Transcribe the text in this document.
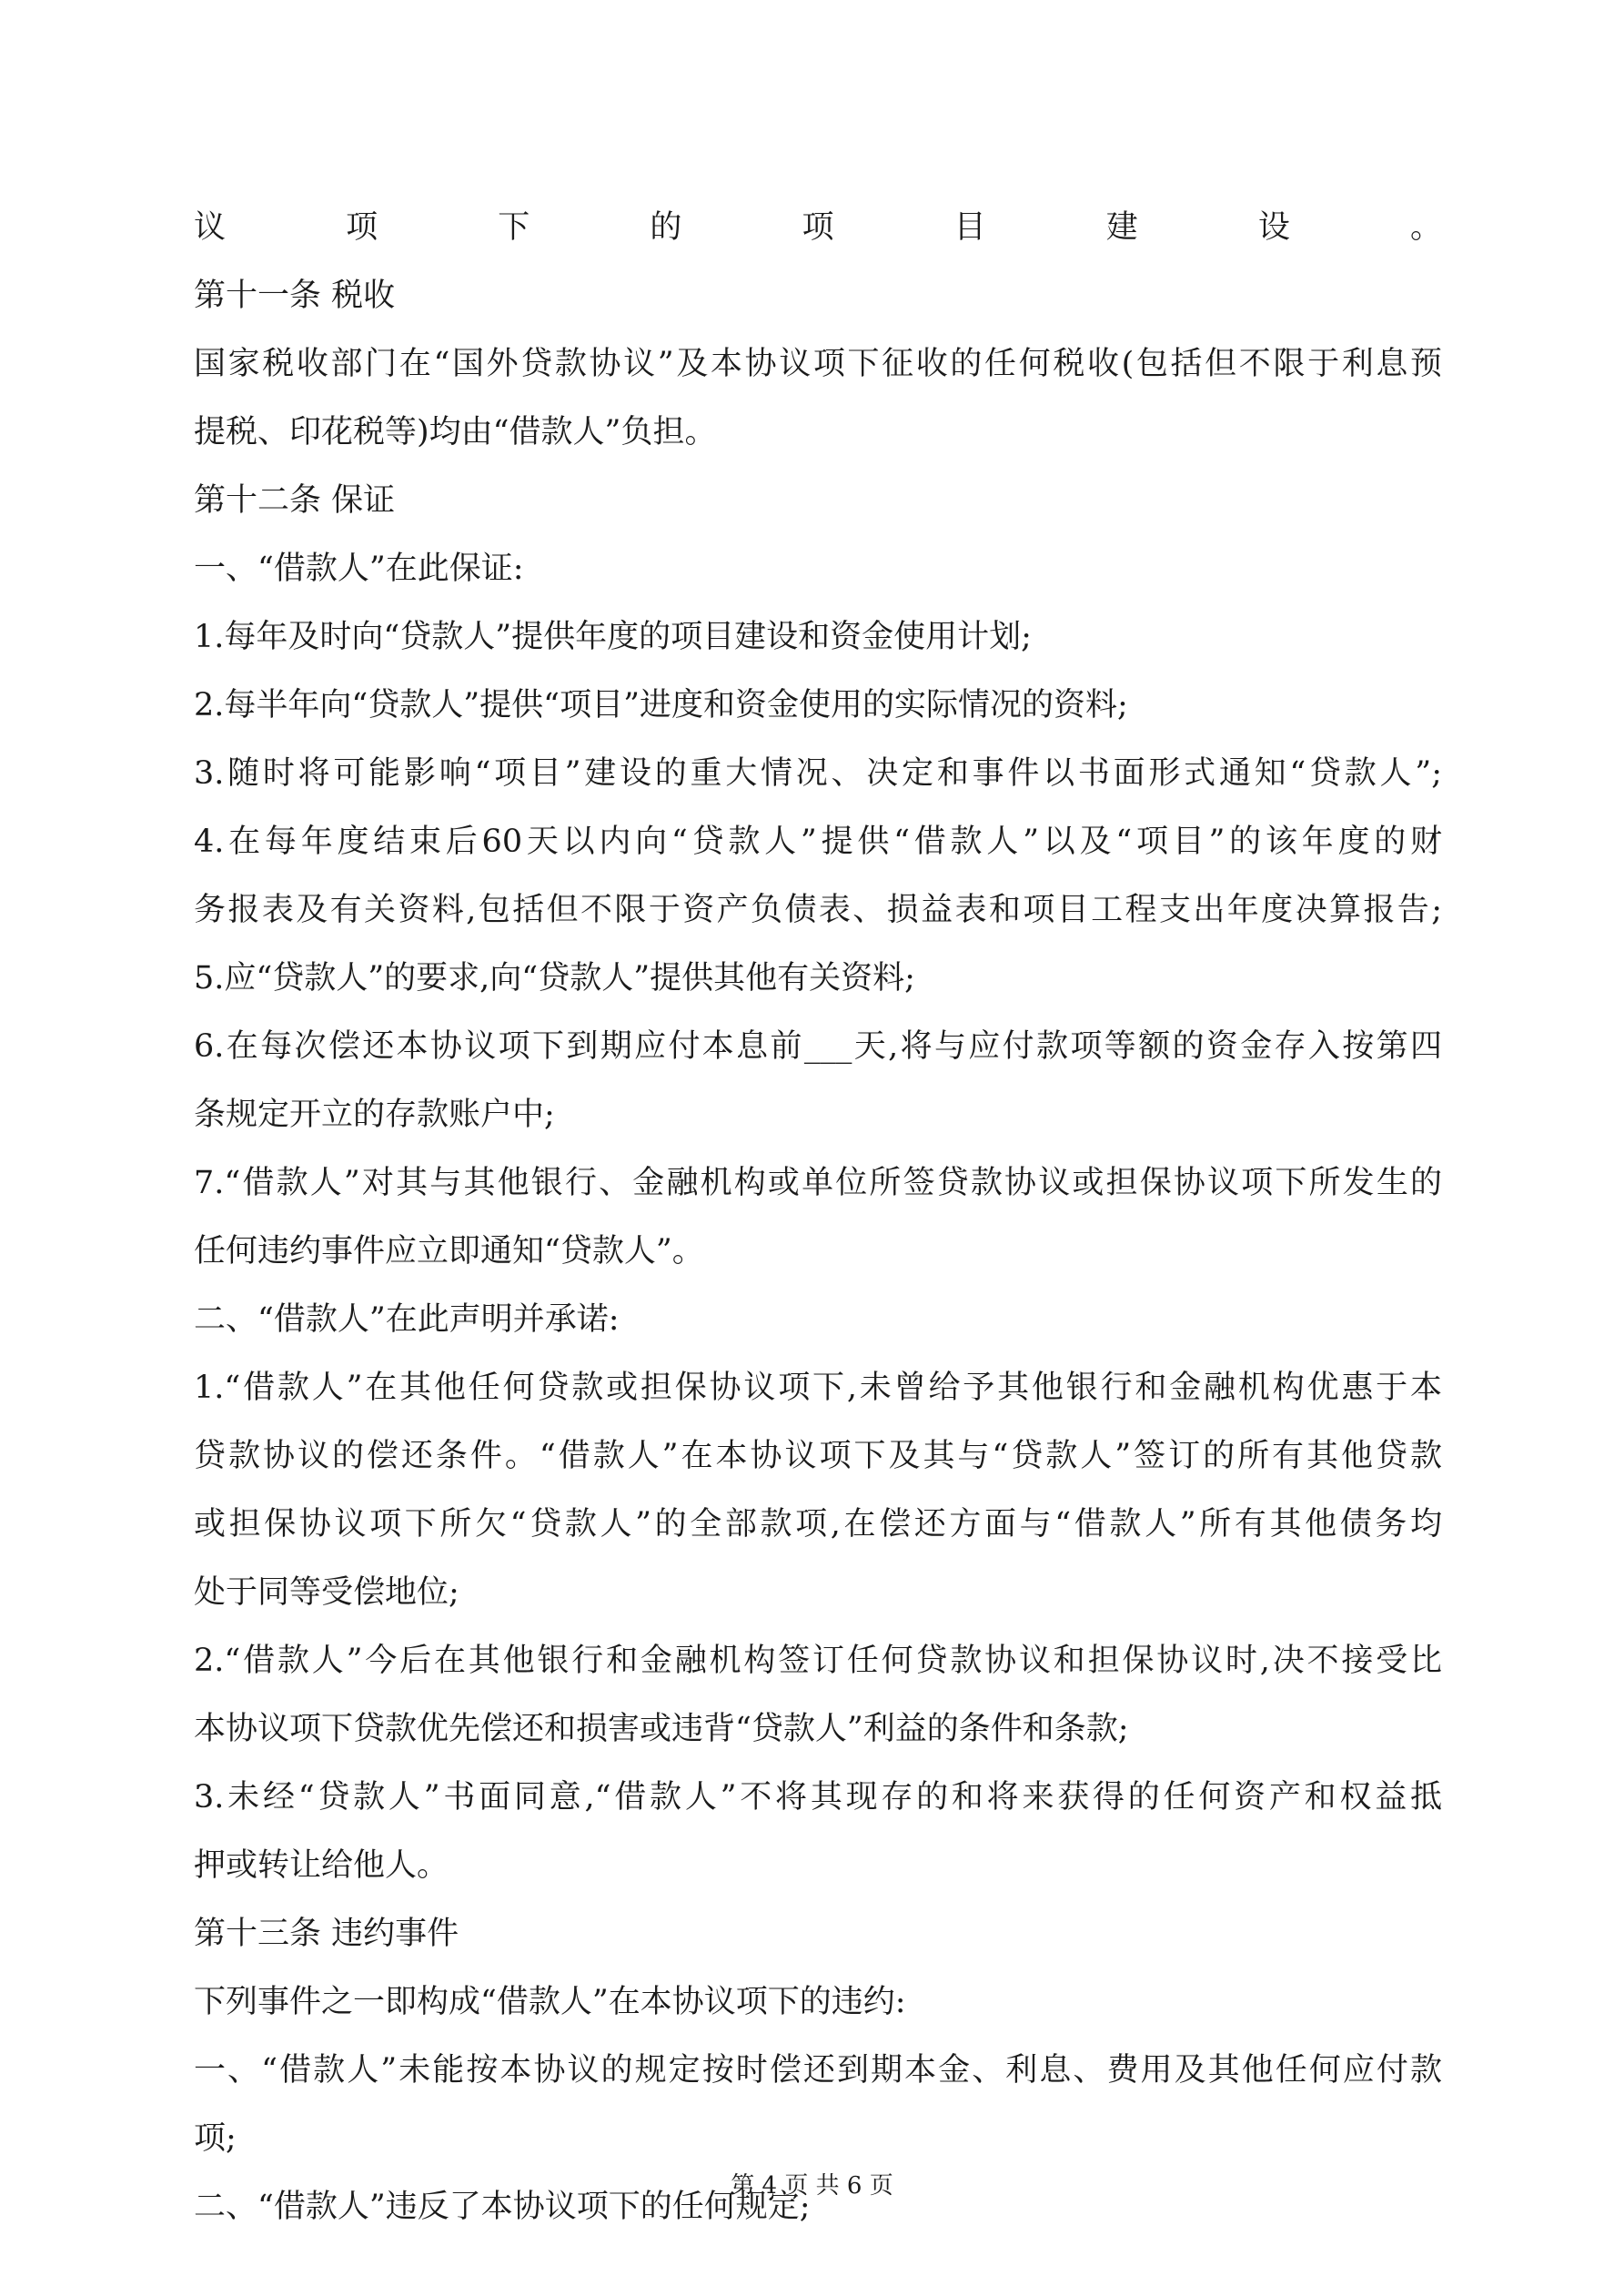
议项下的项目建设。
第十一条 税收
国家税收部门在“国外贷款协议”及本协议项下征收的任何税收(包括但不限于利息预
提税、印花税等)均由“借款人”负担。
第十二条 保证
一、“借款人”在此保证:
1.每年及时向“贷款人”提供年度的项目建设和资金使用计划;
2.每半年向“贷款人”提供“项目”进度和资金使用的实际情况的资料;
3.随时将可能影响“项目”建设的重大情况、决定和事件以书面形式通知“贷款人”;
4.在每年度结束后60天以内向“贷款人”提供“借款人”以及“项目”的该年度的财
务报表及有关资料,包括但不限于资产负债表、损益表和项目工程支出年度决算报告;
5.应“贷款人”的要求,向“贷款人”提供其他有关资料;
6.在每次偿还本协议项下到期应付本息前___天,将与应付款项等额的资金存入按第四
条规定开立的存款账户中;
7.“借款人”对其与其他银行、金融机构或单位所签贷款协议或担保协议项下所发生的
任何违约事件应立即通知“贷款人”。
二、“借款人”在此声明并承诺:
1.“借款人”在其他任何贷款或担保协议项下,未曾给予其他银行和金融机构优惠于本
贷款协议的偿还条件。“借款人”在本协议项下及其与“贷款人”签订的所有其他贷款
或担保协议项下所欠“贷款人”的全部款项,在偿还方面与“借款人”所有其他债务均
处于同等受偿地位;
2.“借款人”今后在其他银行和金融机构签订任何贷款协议和担保协议时,决不接受比
本协议项下贷款优先偿还和损害或违背“贷款人”利益的条件和条款;
3.未经“贷款人”书面同意,“借款人”不将其现存的和将来获得的任何资产和权益抵
押或转让给他人。
第十三条 违约事件
下列事件之一即构成“借款人”在本协议项下的违约:
一、“借款人”未能按本协议的规定按时偿还到期本金、利息、费用及其他任何应付款
项;
二、“借款人”违反了本协议项下的任何规定;
第 4 页 共 6 页
